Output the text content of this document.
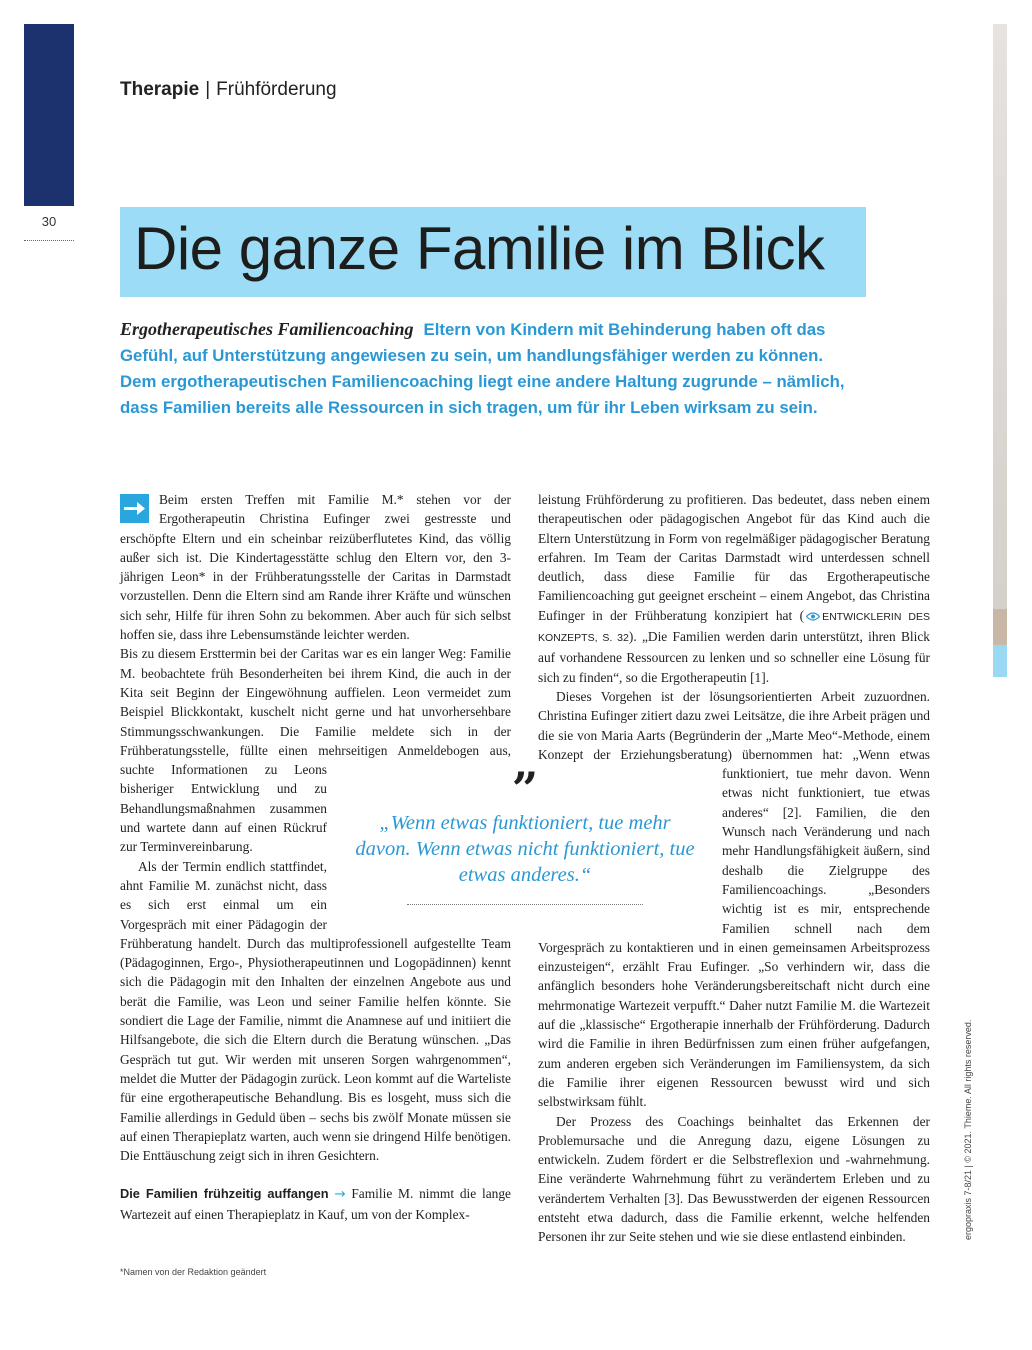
30
Therapie | Frühförderung
Die ganze Familie im Blick
Ergotherapeutisches Familiencoaching Eltern von Kindern mit Behinderung haben oft das Gefühl, auf Unterstützung angewiesen zu sein, um handlungsfähiger werden zu können. Dem ergotherapeutischen Familiencoaching liegt eine andere Haltung zugrunde – nämlich, dass Familien bereits alle Ressourcen in sich tragen, um für ihr Leben wirksam zu sein.

Beim ersten Treffen mit Familie M.* stehen vor der Ergotherapeutin Christina Eufinger zwei gestresste und erschöpfte Eltern und ein scheinbar reizüberflutetes Kind, das völlig außer sich ist. Die Kindertagesstätte schlug den Eltern vor, den 3-jährigen Leon* in der Frühberatungsstelle der Caritas in Darmstadt vorzustellen. Denn die Eltern sind am Rande ihrer Kräfte und wünschen sich sehr, Hilfe für ihren Sohn zu bekommen. Aber auch für sich selbst hoffen sie, dass ihre Lebensumstände leichter werden.

Bis zu diesem Ersttermin bei der Caritas war es ein langer Weg: Familie M. beobachtete früh Besonderheiten bei ihrem Kind, die auch in der Kita seit Beginn der Eingewöhnung auffielen. Leon vermeidet zum Beispiel Blickkontakt, kuschelt nicht gerne und hat unvorhersehbare Stimmungsschwankungen. Die Familie meldete sich in der Frühberatungsstelle, füllte einen mehrseitigen Anmeldebogen aus,
suchte Informationen zu Leons bisheriger Entwicklung und zu Behandlungsmaßnahmen zusammen und wartete dann auf einen Rückruf zur Terminvereinbarung.

Als der Termin endlich stattfindet, ahnt Familie M. zunächst nicht, dass es sich erst einmal um ein Vorgespräch mit einer Pädagogin der Frühberatung handelt. Durch das multiprofessionell aufgestellte Team (Pädagoginnen, Ergo-, Physiotherapeutinnen und Logopädinnen) kennt sich die Pädagogin mit den Inhalten der einzelnen Angebote aus und berät die Familie, was Leon und seiner Familie helfen könnte. Sie sondiert die Lage der Familie, nimmt die Anamnese auf und initiiert die Hilfsangebote, die sich die Eltern durch die Beratung wünschen. „Das Gespräch tut gut. Wir werden mit unseren Sorgen wahrgenommen“, meldet die Mutter der Pädagogin zurück. Leon kommt auf die Warteliste für eine ergotherapeutische Behandlung. Bis es losgeht, muss sich die Familie allerdings in Geduld üben – sechs bis zwölf Monate müssen sie auf einen Therapieplatz warten, auch wenn sie dringend Hilfe benötigen. Die Enttäuschung zeigt sich in ihren Gesichtern.

Die Familien frühzeitig auffangen → Familie M. nimmt die lange Wartezeit auf einen Therapieplatz in Kauf, um von der Komplex-

leistung Frühförderung zu profitieren. Das bedeutet, dass neben einem therapeutischen oder pädagogischen Angebot für das Kind auch die Eltern Unterstützung in Form von regelmäßiger pädagogischer Beratung erfahren. Im Team der Caritas Darmstadt wird unterdessen schnell deutlich, dass diese Familie für das Ergotherapeutische Familiencoaching gut geeignet erscheint – einem Angebot, das Christina Eufinger in der Frühberatung konzipiert hat ( ENTWICKLERIN DES KONZEPTS, S. 32). „Die Familien werden darin unterstützt, ihren Blick auf vorhandene Ressourcen zu lenken und so schneller eine Lösung für sich zu finden“, so die Ergotherapeutin [1].

Dieses Vorgehen ist der lösungsorientierten Arbeit zuzuordnen. Christina Eufinger zitiert dazu zwei Leitsätze, die ihre Arbeit prägen und die sie von Maria Aarts (Begründerin der „Marte Meo“-Methode, einem Konzept der Erziehungsberatung) übernommen hat: „Wenn
etwas funktioniert, tue mehr davon. Wenn etwas nicht funktioniert, tue etwas anderes“ [2]. Familien, die den Wunsch nach Veränderung und nach mehr Handlungsfähigkeit äußern, sind deshalb die Zielgruppe des Familiencoachings. „Besonders wichtig ist es mir, entsprechende Familien schnell nach dem Vorgespräch zu kontaktieren und in einen gemeinsamen Arbeitsprozess einzusteigen“, erzählt Frau Eufinger. „So verhindern wir, dass die anfänglich besonders hohe Veränderungsbereitschaft nicht durch eine mehrmonatige Wartezeit verpufft.“ Daher nutzt Familie M. die Wartezeit auf die „klassische“ Ergotherapie innerhalb der Frühförderung. Dadurch wird die Familie in ihren Bedürfnissen zum einen früher aufgefangen, zum anderen ergeben sich Veränderungen im Familiensystem, da sich die Familie ihrer eigenen Ressourcen bewusst wird und sich selbstwirksam fühlt.

Der Prozess des Coachings beinhaltet das Erkennen der Problemursache und die Anregung dazu, eigene Lösungen zu entwickeln. Zudem fördert er die Selbstreflexion und -wahrnehmung. Eine veränderte Wahrnehmung führt zu verändertem Erleben und zu verändertem Verhalten [3]. Das Bewusstwerden der eigenen Ressourcen entsteht etwa dadurch, dass die Familie erkennt, welche helfenden Personen ihr zur Seite stehen und wie sie diese entlastend einbinden.

”
„Wenn etwas funktioniert, tue mehr davon. Wenn etwas nicht funktioniert, tue etwas anderes.“
*Namen von der Redaktion geändert
ergopraxis 7-8/21 | © 2021. Thieme. All rights reserved.
